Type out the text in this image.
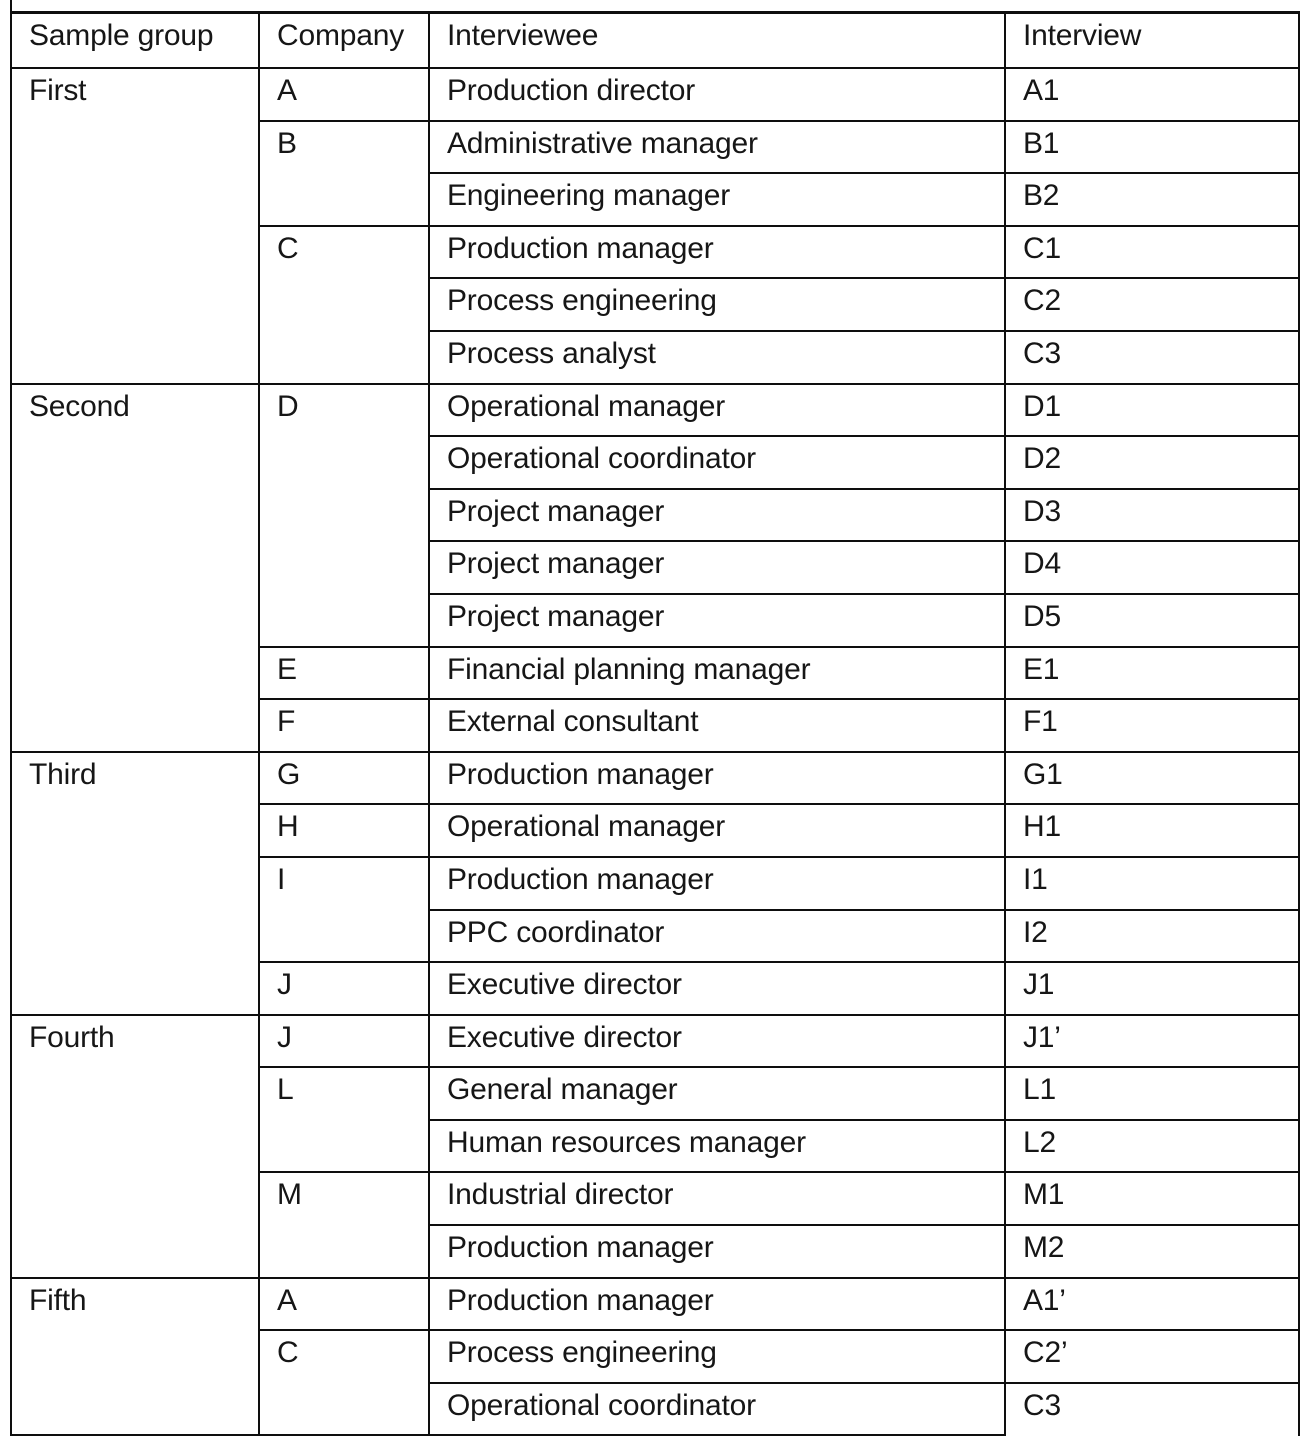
Sample group	Company	Interviewee	Interview
First	A	Production director	A1
	B	Administrative manager	B1
		Engineering manager	B2
	C	Production manager	C1
		Process engineering	C2
		Process analyst	C3
Second	D	Operational manager	D1
		Operational coordinator	D2
		Project manager	D3
		Project manager	D4
		Project manager	D5
	E	Financial planning manager	E1
	F	External consultant	F1
Third	G	Production manager	G1
	H	Operational manager	H1
	I	Production manager	I1
		PPC coordinator	I2
	J	Executive director	J1
Fourth	J	Executive director	J1’
	L	General manager	L1
		Human resources manager	L2
	M	Industrial director	M1
		Production manager	M2
Fifth	A	Production manager	A1’
	C	Process engineering	C2’
		Operational coordinator	C3
